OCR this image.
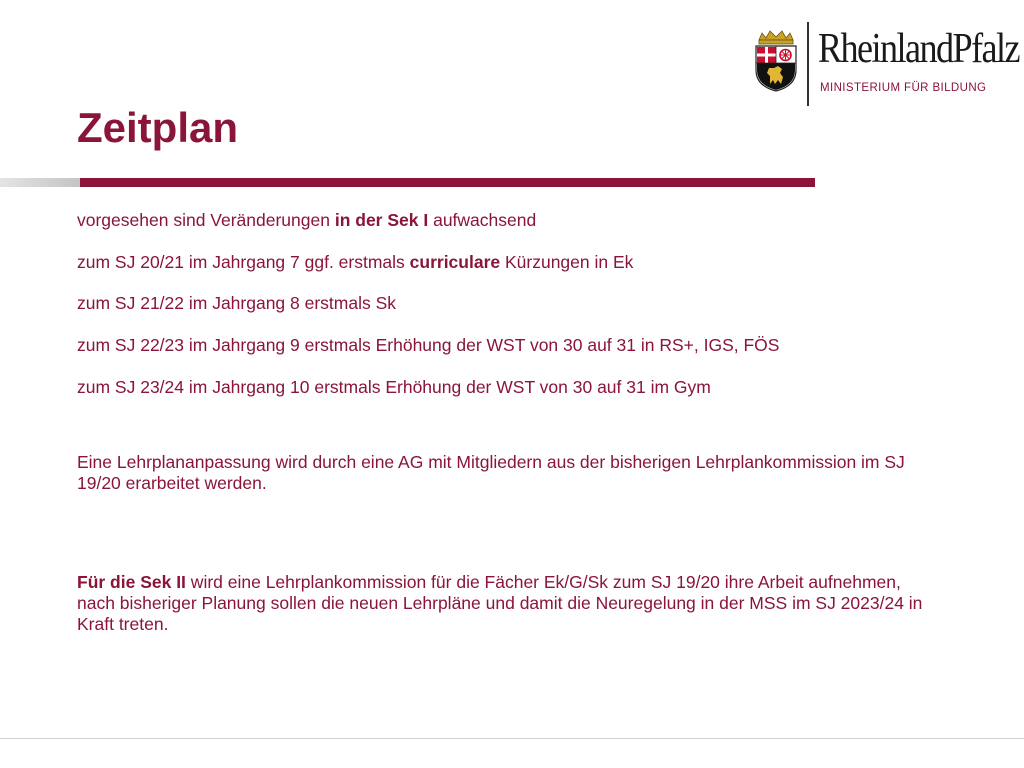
RheinlandPfalz
MINISTERIUM FÜR BILDUNG
Zeitplan
vorgesehen sind Veränderungen in der Sek I aufwachsend
zum SJ 20/21 im Jahrgang 7 ggf. erstmals curriculare Kürzungen in Ek
zum SJ 21/22 im Jahrgang 8 erstmals Sk
zum SJ 22/23 im Jahrgang 9 erstmals Erhöhung der WST von 30 auf 31 in RS+, IGS, FÖS
zum SJ 23/24 im Jahrgang 10 erstmals Erhöhung der WST von 30 auf 31 im Gym
Eine Lehrplananpassung wird durch eine AG mit Mitgliedern aus der bisherigen Lehrplankommission im SJ 19/20 erarbeitet werden.
Für die Sek II wird eine Lehrplankommission für die Fächer Ek/G/Sk zum SJ 19/20 ihre Arbeit aufnehmen, nach bisheriger Planung sollen die neuen Lehrpläne und damit die Neuregelung in der MSS im SJ 2023/24 in Kraft treten.
